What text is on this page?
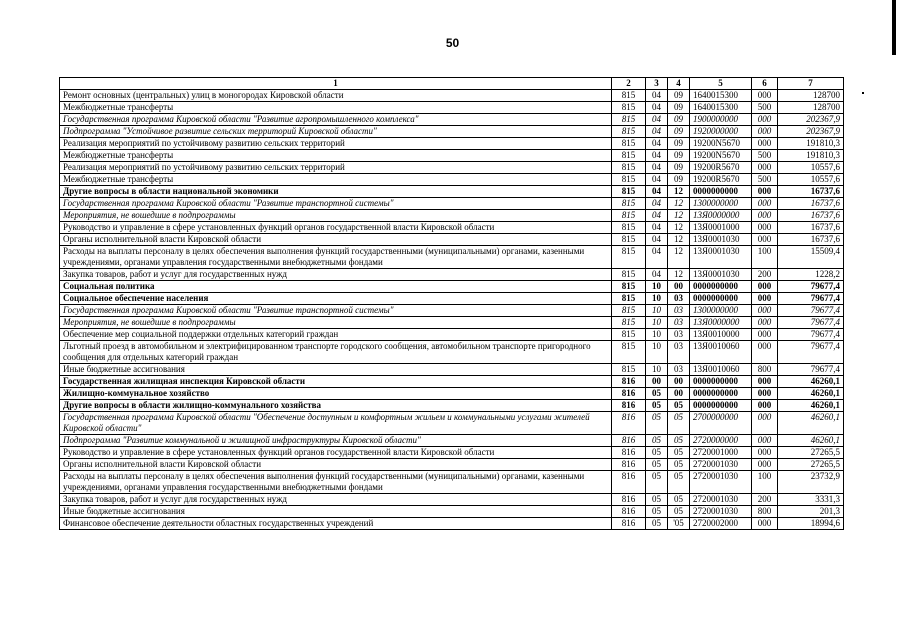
50
1	2	3	4	5	6	7
Ремонт основных (центральных) улиц в моногородах Кировской области	815	04	09	1640015300	000	128700
Межбюджетные трансферты	815	04	09	1640015300	500	128700
Государственная программа Кировской области "Развитие агропромышленного комплекса"	815	04	09	1900000000	000	202367,9
Подпрограмма "Устойчивое развитие сельских территорий Кировской области"	815	04	09	1920000000	000	202367,9
Реализация мероприятий по устойчивому развитию сельских территорий	815	04	09	19200N5670	000	191810,3
Межбюджетные трансферты	815	04	09	19200N5670	500	191810,3
Реализация мероприятий по устойчивому развитию сельских территорий	815	04	09	19200R5670	000	10557,6
Межбюджетные трансферты	815	04	09	19200R5670	500	10557,6
Другие вопросы в области национальной экономики	815	04	12	0000000000	000	16737,6
Государственная программа Кировской области "Развитие транспортной системы"	815	04	12	1300000000	000	16737,6
Мероприятия, не вошедшие в подпрограммы	815	04	12	13Я0000000	000	16737,6
Руководство и управление в сфере установленных функций органов государственной власти Кировской области	815	04	12	13Я0001000	000	16737,6
Органы исполнительной власти Кировской области	815	04	12	13Я0001030	000	16737,6
Расходы на выплаты персоналу в целях обеспечения выполнения функций государственными (муниципальными) органами, казенными учреждениями, органами управления государственными внебюджетными фондами	815	04	12	13Я0001030	100	15509,4
Закупка товаров, работ и услуг для государственных нужд	815	04	12	13Я0001030	200	1228,2
Социальная политика	815	10	00	0000000000	000	79677,4
Социальное обеспечение населения	815	10	03	0000000000	000	79677,4
Государственная программа Кировской области "Развитие транспортной системы"	815	10	03	1300000000	000	79677,4
Мероприятия, не вошедшие в подпрограммы	815	10	03	13Я0000000	000	79677,4
Обеспечение мер социальной поддержки отдельных категорий граждан	815	10	03	13Я0010000	000	79677,4
Льготный проезд в автомобильном и электрифицированном транспорте городского сообщения, автомобильном транспорте пригородного сообщения для отдельных категорий граждан	815	10	03	13Я0010060	000	79677,4
Иные бюджетные ассигнования	815	10	03	13Я0010060	800	79677,4
Государственная жилищная инспекция Кировской области	816	00	00	0000000000	000	46260,1
Жилищно-коммунальное хозяйство	816	05	00	0000000000	000	46260,1
Другие вопросы в области жилищно-коммунального хозяйства	816	05	05	0000000000	000	46260,1
Государственная программа Кировской области "Обеспечение доступным и комфортным жильем и коммунальными услугами жителей Кировской области"	816	05	05	2700000000	000	46260,1
Подпрограмма "Развитие коммунальной и жилищной инфраструктуры Кировской области"	816	05	05	2720000000	000	46260,1
Руководство и управление в сфере установленных функций органов государственной власти Кировской области	816	05	05	2720001000	000	27265,5
Органы исполнительной власти Кировской области	816	05	05	2720001030	000	27265,5
Расходы на выплаты персоналу в целях обеспечения выполнения функций государственными (муниципальными) органами, казенными учреждениями, органами управления государственными внебюджетными фондами	816	05	05	2720001030	100	23732,9
Закупка товаров, работ и услуг для государственных нужд	816	05	05	2720001030	200	3331,3
Иные бюджетные ассигнования	816	05	05	2720001030	800	201,3
Финансовое обеспечение деятельности областных государственных учреждений	816	05	'05	2720002000	000	18994,6
